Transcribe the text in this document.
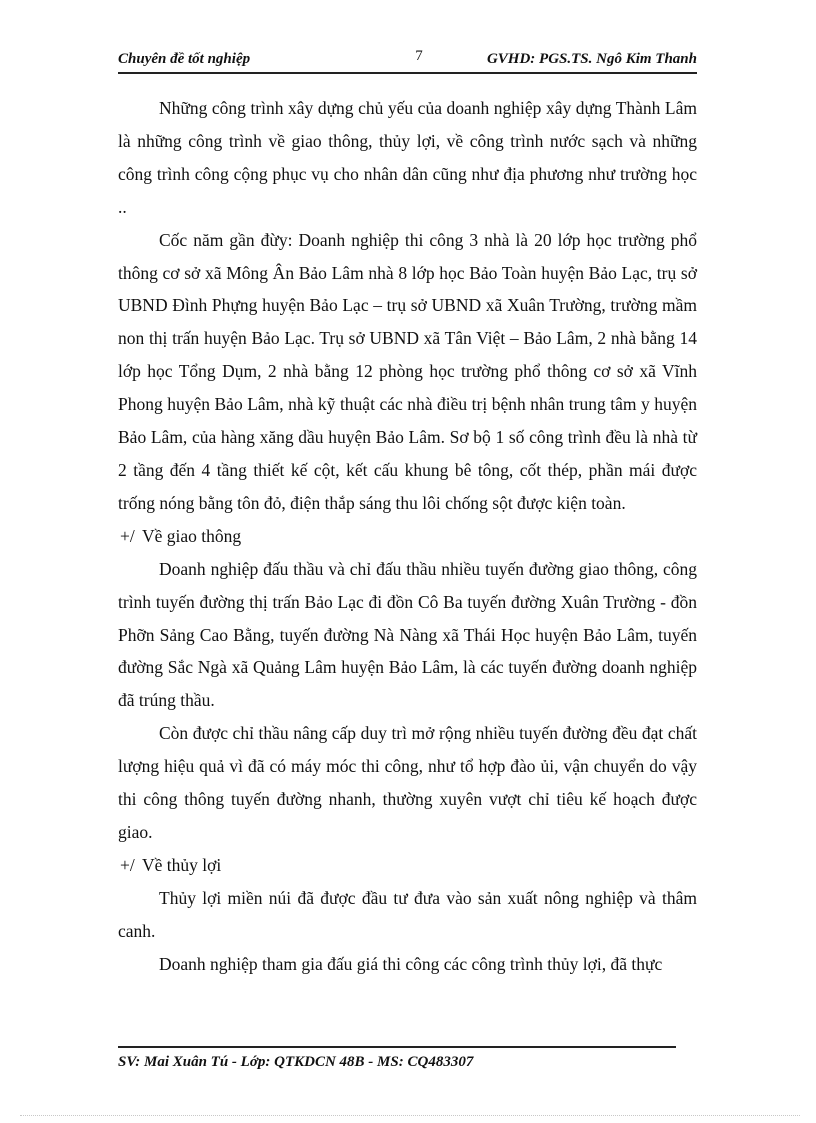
Chuyên đề tốt nghiệp	7	GVHD: PGS.TS. Ngô Kim Thanh

Những công trình xây dựng chủ yếu của doanh nghiệp xây dựng Thành Lâm là những công trình về giao thông, thủy lợi, về công trình nước sạch và những công trình công cộng phục vụ cho nhân dân cũng như địa phương như trường học ..

Cốc năm gần đừy: Doanh nghiệp thi công 3 nhà là 20 lớp học trường phổ thông cơ sở xã Mông Ân Bảo Lâm nhà 8 lớp học Bảo Toàn huyện Bảo Lạc, trụ sở UBND Đình Phựng huyện Bảo Lạc – trụ sở UBND xã Xuân Trường, trường mầm non thị trấn huyện Bảo Lạc. Trụ sở UBND xã Tân Việt – Bảo Lâm, 2 nhà bằng 14 lớp học Tổng Dụm, 2 nhà bằng 12 phòng học trường phổ thông cơ sở xã Vĩnh Phong huyện Bảo Lâm, nhà kỹ thuật các nhà điều trị bệnh nhân trung tâm y huyện Bảo Lâm, của hàng xăng dầu huyện Bảo Lâm. Sơ bộ 1 số công trình đều là nhà từ 2 tầng đến 4 tầng thiết kế cột, kết cấu khung bê tông, cốt thép, phần mái được trống nóng bằng tôn đỏ, điện thắp sáng thu lôi chống sột được kiện toàn.

+/ Về giao thông

Doanh nghiệp đấu thầu và chỉ đấu thầu nhiều tuyến đường giao thông, công trình tuyến đường thị trấn Bảo Lạc đi đồn Cô Ba tuyến đường Xuân Trường - đồn Phỡn Sảng Cao Bằng, tuyến đường Nà Nàng xã Thái Học huyện Bảo Lâm, tuyến đường Sắc Ngà xã Quảng Lâm huyện Bảo Lâm, là các tuyến đường doanh nghiệp đã trúng thầu.

Còn được chỉ thầu nâng cấp duy trì mở rộng nhiều tuyến đường đều đạt chất lượng hiệu quả vì đã có máy móc thi công, như tổ hợp đào ủi, vận chuyển do vậy thi công thông tuyến đường nhanh, thường xuyên vượt chỉ tiêu kế hoạch được giao.

+/ Về thủy lợi

Thủy lợi miền núi đã được đầu tư đưa vào sản xuất nông nghiệp và thâm canh.

Doanh nghiệp tham gia đấu giá thi công các công trình thủy lợi, đã thực

SV: Mai Xuân Tú - Lớp: QTKDCN 48B - MS: CQ483307
